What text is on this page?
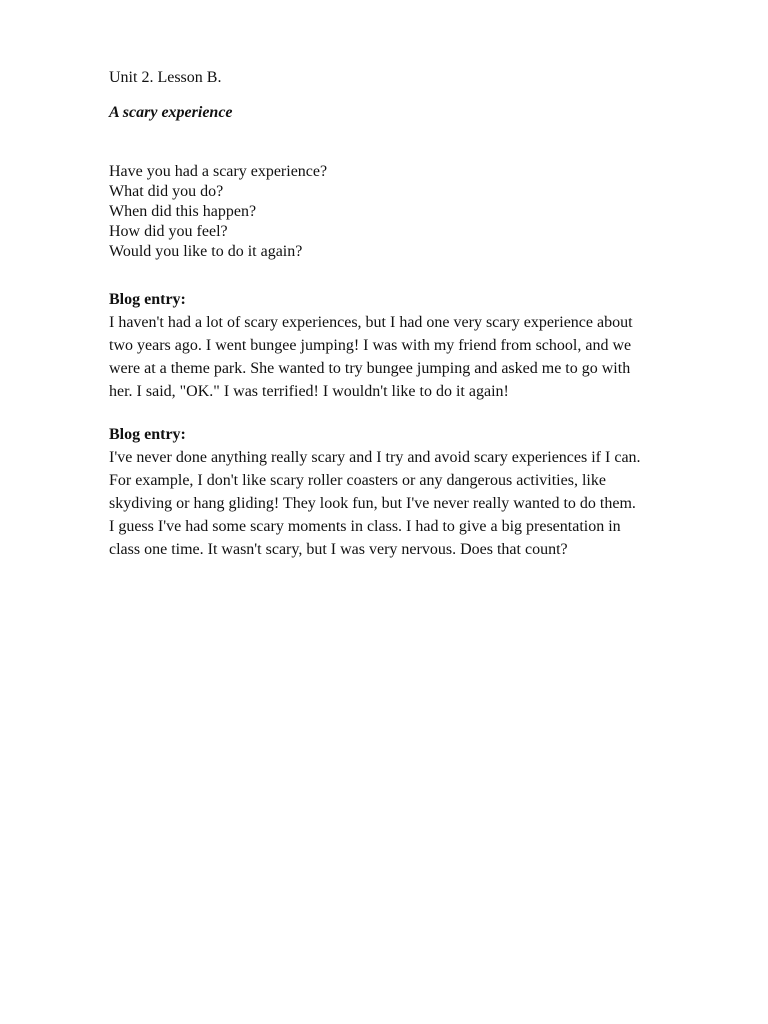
Unit 2. Lesson B.

A scary experience

Have you had a scary experience?
What did you do?
When did this happen?
How did you feel?
Would you like to do it again?

Blog entry:

I haven't had a lot of scary experiences, but I had one very scary experience about
two years ago. I went bungee jumping! I was with my friend from school, and we
were at a theme park. She wanted to try bungee jumping and asked me to go with
her. I said, "OK." I was terrified! I wouldn't like to do it again!

Blog entry:

I've never done anything really scary and I try and avoid scary experiences if I can.
For example, I don't like scary roller coasters or any dangerous activities, like
skydiving or hang gliding! They look fun, but I've never really wanted to do them.
I guess I've had some scary moments in class. I had to give a big presentation in
class one time. It wasn't scary, but I was very nervous. Does that count?
